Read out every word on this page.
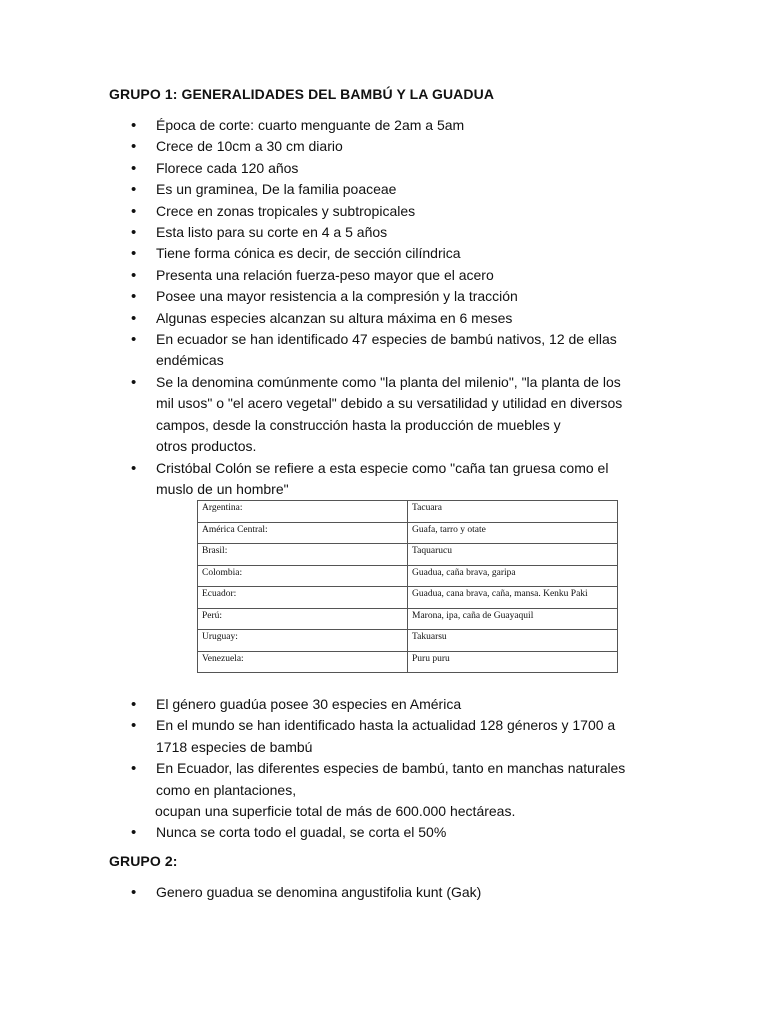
GRUPO 1: GENERALIDADES DEL BAMBÚ Y LA GUADUA
• Época de corte: cuarto menguante de 2am a 5am
• Crece de 10cm a 30 cm diario
• Florece cada 120 años
• Es un graminea, De la familia poaceae
• Crece en zonas tropicales y subtropicales
• Esta listo para su corte en 4 a 5 años
• Tiene forma cónica es decir, de sección cilíndrica
• Presenta una relación fuerza-peso mayor que el acero
• Posee una mayor resistencia a la compresión y la tracción
• Algunas especies alcanzan su altura máxima en 6 meses
• En ecuador se han identificado 47 especies de bambú nativos, 12 de ellas
endémicas
• Se la denomina comúnmente como "la planta del milenio", "la planta de los
mil usos" o "el acero vegetal" debido a su versatilidad y utilidad en diversos
campos, desde la construcción hasta la producción de muebles y
otros productos.
• Cristóbal Colón se refiere a esta especie como "caña tan gruesa como el
muslo de un hombre"
Argentina:	Tacuara
América Central:	Guafa, tarro y otate
Brasil:	Taquarucu
Colombia:	Guadua, caña brava, garipa
Ecuador:	Guadua, cana brava, caña, mansa. Kenku Paki
Perú:	Marona, ipa, caña de Guayaquil
Uruguay:	Takuarsu
Venezuela:	Puru puru
• El género guadúa posee 30 especies en América
• En el mundo se han identificado hasta la actualidad 128 géneros y 1700 a
1718 especies de bambú
• En Ecuador, las diferentes especies de bambú, tanto en manchas naturales
como en plantaciones,
ocupan una superficie total de más de 600.000 hectáreas.
• Nunca se corta todo el guadal, se corta el 50%
GRUPO 2:
• Genero guadua se denomina angustifolia kunt (Gak)
